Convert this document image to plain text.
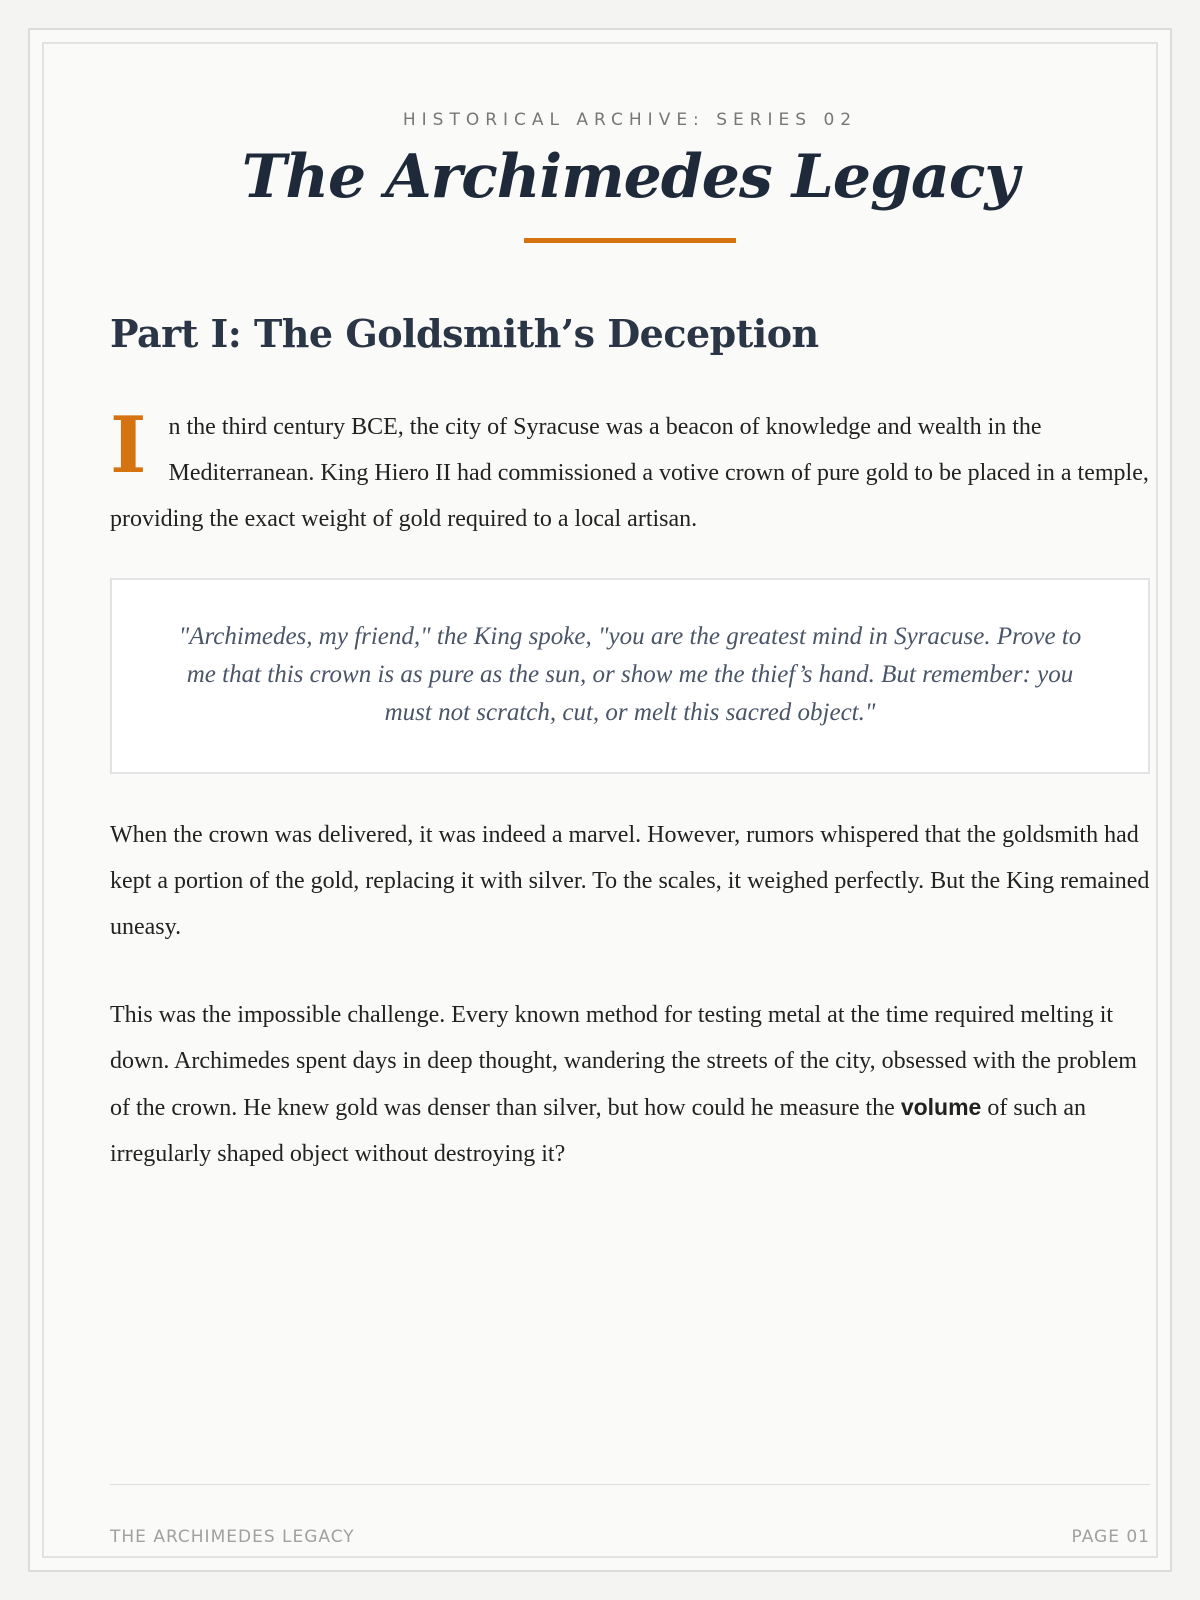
HISTORICAL ARCHIVE: SERIES 02
The Archimedes Legacy
Part I: The Goldsmith’s Deception

In the third century BCE, the city of Syracuse was a beacon of knowledge and wealth in the Mediterranean. King Hiero II had commissioned a votive crown of pure gold to be placed in a temple, providing the exact weight of gold required to a local artisan.

"Archimedes, my friend," the King spoke, "you are the greatest mind in Syracuse. Prove to me that this crown is as pure as the sun, or show me the thief’s hand. But remember: you must not scratch, cut, or melt this sacred object."

When the crown was delivered, it was indeed a marvel. However, rumors whispered that the goldsmith had kept a portion of the gold, replacing it with silver. To the scales, it weighed perfectly. But the King remained uneasy.

This was the impossible challenge. Every known method for testing metal at the time required melting it down. Archimedes spent days in deep thought, wandering the streets of the city, obsessed with the problem of the crown. He knew gold was denser than silver, but how could he measure the volume of such an irregularly shaped object without destroying it?

THE ARCHIMEDES LEGACY	PAGE 01
